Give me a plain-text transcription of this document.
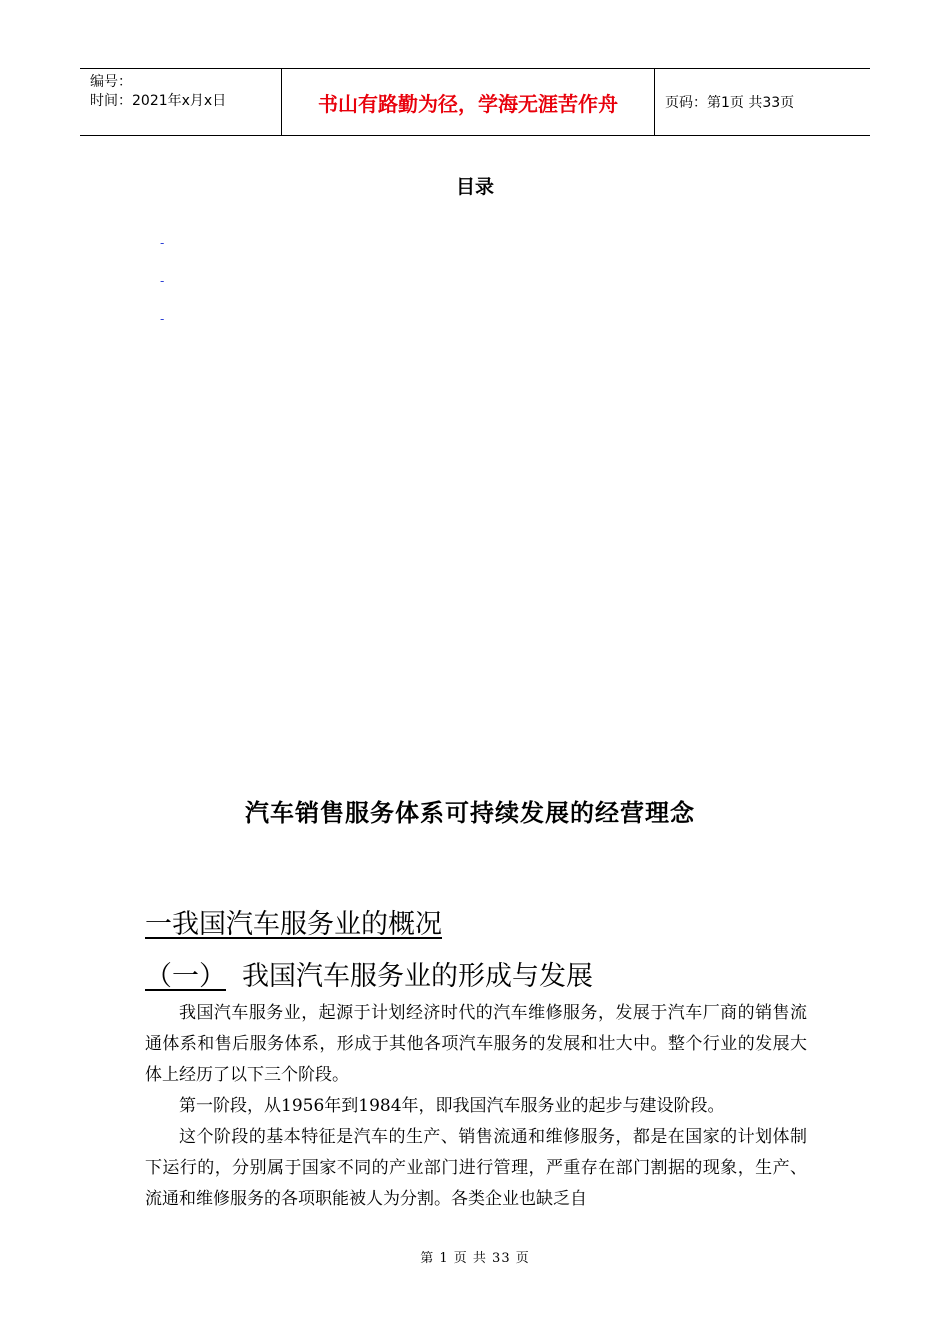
编号：
时间：2021年x月x日	书山有路勤为径，学海无涯苦作舟	页码：第1页 共33页
目录
-
-
-
汽车销售服务体系可持续发展的经营理念
一我国汽车服务业的概况
（一） 我国汽车服务业的形成与发展

我国汽车服务业，起源于计划经济时代的汽车维修服务，发展于汽车厂商的销售流通体系和售后服务体系，形成于其他各项汽车服务的发展和壮大中。整个行业的发展大体上经历了以下三个阶段。

第一阶段，从1956年到1984年，即我国汽车服务业的起步与建设阶段。

这个阶段的基本特征是汽车的生产、销售流通和维修服务，都是在国家的计划体制下运行的，分别属于国家不同的产业部门进行管理，严重存在部门割据的现象，生产、流通和维修服务的各项职能被人为分割。各类企业也缺乏自

第 1 页 共 33 页
